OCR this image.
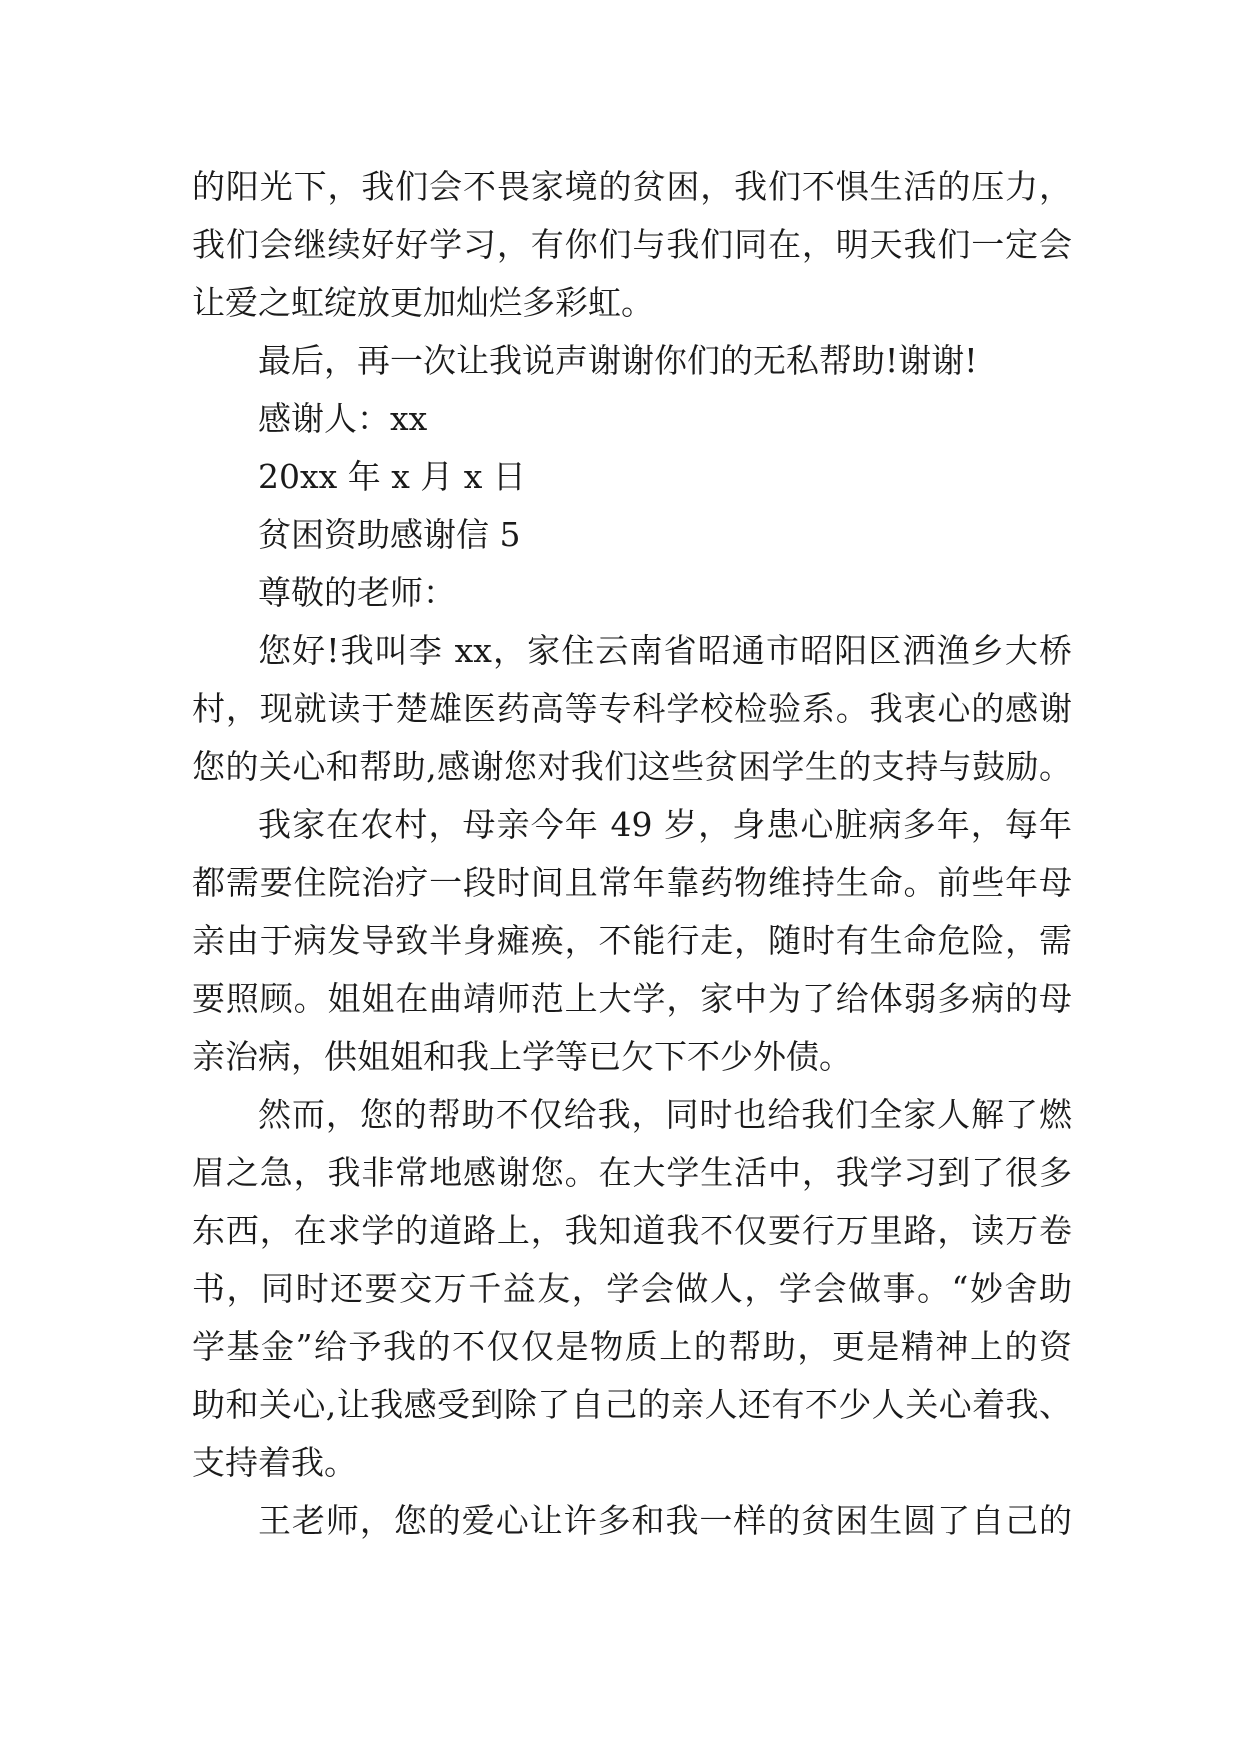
的阳光下，我们会不畏家境的贫困，我们不惧生活的压力，
我们会继续好好学习，有你们与我们同在，明天我们一定会
让爱之虹绽放更加灿烂多彩虹。
最后，再一次让我说声谢谢你们的无私帮助!谢谢!
感谢人：xx
20xx 年 x 月 x 日
贫困资助感谢信 5
尊敬的老师：
您好!我叫李 xx，家住云南省昭通市昭阳区洒渔乡大桥
村，现就读于楚雄医药高等专科学校检验系。我衷心的感谢
您的关心和帮助,感谢您对我们这些贫困学生的支持与鼓励。
我家在农村，母亲今年 49 岁，身患心脏病多年，每年
都需要住院治疗一段时间且常年靠药物维持生命。前些年母
亲由于病发导致半身瘫痪，不能行走，随时有生命危险，需
要照顾。姐姐在曲靖师范上大学，家中为了给体弱多病的母
亲治病，供姐姐和我上学等已欠下不少外债。
然而，您的帮助不仅给我，同时也给我们全家人解了燃
眉之急，我非常地感谢您。在大学生活中，我学习到了很多
东西，在求学的道路上，我知道我不仅要行万里路，读万卷
书，同时还要交万千益友，学会做人，学会做事。“妙舍助
学基金”给予我的不仅仅是物质上的帮助，更是精神上的资
助和关心,让我感受到除了自己的亲人还有不少人关心着我、
支持着我。
王老师，您的爱心让许多和我一样的贫困生圆了自己的
